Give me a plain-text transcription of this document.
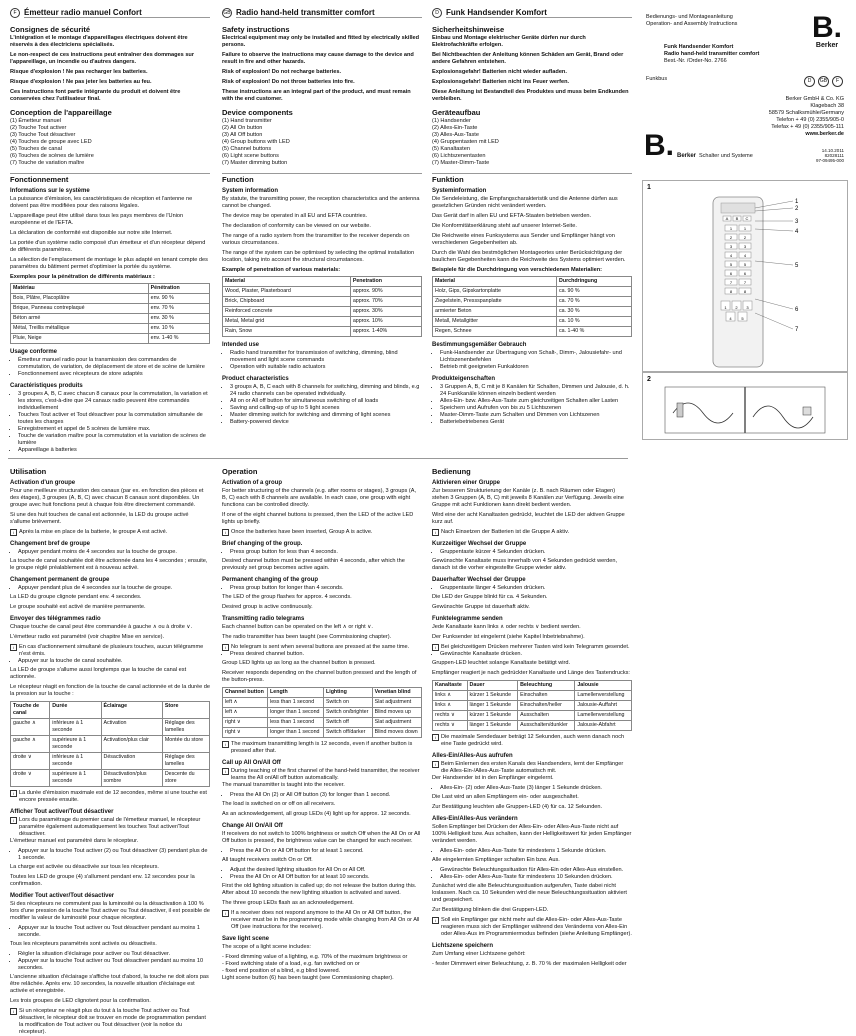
F Émetteur radio manuel Confort
Consignes de sécurité

L'intégration et le montage d'appareillages électriques doivent être réservés à des électriciens spécialisés.

Le non-respect de ces instructions peut entraîner des dommages sur l'appareillage, un incendie ou d'autres dangers.

Risque d'explosion ! Ne pas recharger les batteries.

Risque d'explosion ! Ne pas jeter les batteries au feu.

Ces instructions font partie intégrante du produit et doivent être conservées chez l'utilisateur final.

Conception de l'appareillage
(1) Émetteur manuel
(2) Touche Tout activer
(3) Touche Tout désactiver
(4) Touches de groupe avec LED
(5) Touches de canal
(6) Touches de scènes de lumière
(7) Touche de variation maître
Fonctionnement
Informations sur le système

La puissance d'émission, les caractéristiques de réception et l'antenne ne doivent pas être modifiées pour des raisons légales.

L'appareillage peut être utilisé dans tous les pays membres de l'Union européenne et de l'EFTA.

La déclaration de conformité est disponible sur notre site Internet.

La portée d'un système radio composé d'un émetteur et d'un récepteur dépend de différents paramètres.

La sélection de l'emplacement de montage le plus adapté en tenant compte des paramètres du bâtiment permet d'optimiser la portée du système.

Exemples pour la pénétration de différents matériaux :
Matériau	Pénétration
Bois, Plâtre, Placoplâtre	env. 90 %
Brique, Panneau contreplaqué	env. 70 %
Béton armé	env. 30 %
Métal, Treillis métallique	env. 10 %
Pluie, Neige	env. 1-40 %
Usage conforme
• Émetteur manuel radio pour la transmission des commandes de commutation, de variation, de déplacement de store et de scène de lumière
• Fonctionnement avec récepteurs de store adaptés
Caractéristiques produits
• 3 groupes A, B, C avec chacun 8 canaux pour la commutation, la variation et les stores, c'est-à-dire que 24 canaux radio peuvent être commandés individuellement
• Touches Tout activer et Tout désactiver pour la commutation simultanée de toutes les charges
• Enregistrement et appel de 5 scènes de lumière max.
• Touche de variation maître pour la commutation et la variation de scènes de lumière
• Appareillage à batteries
Utilisation
Activation d'un groupe

Pour une meilleure structuration des canaux (par ex. en fonction des pièces et des étages), 3 groupes (A, B, C) avec chacun 8 canaux sont disponibles. Un groupe avec huit fonctions peut à chaque fois être directement commandé.

Si une des huit touches de canal est actionnée, la LED du groupe activé s'allume brièvement.

i Après la mise en place de la batterie, le groupe A est activé.
Changement bref de groupe
• Appuyer pendant moins de 4 secondes sur la touche de groupe.

La touche de canal souhaitée doit être actionnée dans les 4 secondes ; ensuite, le groupe réglé préalablement est à nouveau activé.

Changement permanent de groupe
• Appuyer pendant plus de 4 secondes sur la touche de groupe.

La LED du groupe clignote pendant env. 4 secondes.

Le groupe souhaité est activé de manière permanente.

Envoyer des télégrammes radio

Chaque touche de canal peut être commandée à gauche ∧ ou à droite ∨.

L'émetteur radio est paramétré (voir chapitre Mise en service).

i En cas d'actionnement simultané de plusieurs touches, aucun télégramme n'est émis.
• Appuyer sur la touche de canal souhaitée.

La LED de groupe s'allume aussi longtemps que la touche de canal est actionnée.

Le récepteur réagit en fonction de la touche de canal actionnée et de la durée de la pression sur la touche :

Touche de canal	Durée	Éclairage	Store
gauche ∧	inférieure à 1 seconde	Activation	Réglage des lamelles
gauche ∧	supérieure à 1 seconde	Activation/plus clair	Montée du store
droite ∨	inférieure à 1 seconde	Désactivation	Réglage des lamelles
droite ∨	supérieure à 1 seconde	Désactivation/plus sombre	Descente du store
i La durée d'émission maximale est de 12 secondes, même si une touche est encore pressée ensuite.
Afficher Tout activer/Tout désactiver
i Lors du paramétrage du premier canal de l'émetteur manuel, le récepteur paramètre également automatiquement les touches Tout activer/Tout désactiver.

L'émetteur manuel est paramétré dans le récepteur.

• Appuyer sur la touche Tout activer (2) ou Tout désactiver (3) pendant plus de 1 seconde.

La charge est activée ou désactivée sur tous les récepteurs.

Toutes les LED de groupe (4) s'allument pendant env. 12 secondes pour la confirmation.

Modifier Tout activer/Tout désactiver

Si des récepteurs ne commutent pas la luminosité ou la désactivation à 100 % lors d'une pression de la touche Tout activer ou Tout désactiver, il est possible de modifier la valeur de luminosité pour chaque récepteur.

• Appuyer sur la touche Tout activer ou Tout désactiver pendant au moins 1 seconde.

Tous les récepteurs paramétrés sont activés ou désactivés.

• Régler la situation d'éclairage pour activer ou Tout désactiver.
• Appuyer sur la touche Tout activer ou Tout désactiver pendant au moins 10 secondes.

L'ancienne situation d'éclairage s'affiche tout d'abord, la touche ne doit alors pas être relâchée. Après env. 10 secondes, la nouvelle situation d'éclairage est activée et enregistrée.

Les trois groupes de LED clignotent pour la confirmation.

i Si un récepteur ne réagit plus du tout à la touche Tout activer ou Tout désactiver, le récepteur doit se trouver en mode de programmation pendant la modification de Tout activer ou Tout désactiver (voir la notice du récepteur).
GB Radio hand-held transmitter comfort
Safety instructions

Electrical equipment may only be installed and fitted by electrically skilled persons.

Failure to observe the instructions may cause damage to the device and result in fire and other hazards.

Risk of explosion! Do not recharge batteries.

Risk of explosion! Do not throw batteries into fire.

These instructions are an integral part of the product, and must remain with the end customer.

Device components
(1) Hand transmitter
(2) All On button
(3) All Off button
(4) Group buttons with LED
(5) Channel buttons
(6) Light scene buttons
(7) Master dimming button
Function
System information

By statute, the transmitting power, the reception characteristics and the antenna cannot be changed.

The device may be operated in all EU and EFTA countries.

The declaration of conformity can be viewed on our website.

The range of a radio system from the transmitter to the receiver depends on various circumstances.

The range of the system can be optimised by selecting the optimal installation location, taking into account the structural circumstances.

Example of penetration of various materials:
Material	Penetration
Wood, Plaster, Plasterboard	approx. 90%
Brick, Chipboard	approx. 70%
Reinforced concrete	approx. 30%
Metal, Metal grid	approx. 10%
Rain, Snow	approx. 1-40%
Intended use
• Radio hand transmitter for transmission of switching, dimming, blind movement and light scene commands
• Operation with suitable radio actuators
Product characteristics
• 3 groups A, B, C each with 8 channels for switching, dimming and blinds, e.g 24 radio channels can be operated individually.
• All on or All off button for simultaneous switching of all loads
• Saving and calling-up of up to 5 light scenes
• Master dimming switch for switching and dimming of light scenes
• Battery-powered device
Operation
Activation of a group

For better structuring of the channels (e.g. after rooms or stages), 3 groups (A, B, C) each with 8 channels are available. In each case, one group with eight functions can be controlled directly.

If one of the eight channel buttons is pressed, then the LED of the active LED lights up briefly.

i Once the batteries have been inserted, Group A is active.
Brief changing of the group.
• Press group button for less than 4 seconds.

Desired channel button must be pressed within 4 seconds, after which the previously set group becomes active again.

Permanent changing of the group
• Press group button for longer than 4 seconds.

The LED of the group flashes for approx. 4 seconds.

Desired group is active continuously.

Transmitting radio telegrams

Each channel button can be operated on the left ∧ or right ∨.

The radio transmitter has been taught (see Commissioning chapter).

i No telegram is sent when several buttons are pressed at the same time.
• Press desired channel button.

Group LED lights up as long as the channel button is pressed.

Receiver responds depending on the channel button pressed and the length of the button-press.

Channel button	Length	Lighting	Venetian blind
left ∧	less than 1 second	Switch on	Slat adjustment
left ∧	longer than 1 second	Switch on/brighter	Blind moves up
right ∨	less than 1 second	Switch off	Slat adjustment
right ∨	longer than 1 second	Switch off/darker	Blind moves down
i The maximum transmitting length is 12 seconds, even if another button is pressed after that.
Call up All On/All Off
i During teaching of the first channel of the hand-held transmitter, the receiver learns the All on/All off button automatically.

The manual transmitter is taught into the receiver.

• Press the All On (2) or All Off button (3) for longer than 1 second.

The load is switched on or off on all receivers.

As an acknowledgement, all group LEDs (4) light up for approx. 12 seconds.

Change All On/All Off

If receivers do not switch to 100% brightness or switch Off when the All On or All Off button is pressed, the brightness value can be changed for each receiver.

• Press the All On or All Off button for at least 1 second.

All taught receivers switch On or Off.

• Adjust the desired lighting situation for All On or All Off.
• Press the All On or All Off button for at least 10 seconds.

First the old lighting situation is called up; do not release the button during this. After about 10 seconds the new lighting situation is activated and saved.

The three group LEDs flash as an acknowledgement.

i If a receiver does not respond anymore to the All On or All Off button, the receiver must be in the programming mode while changing from All On or All Off (see instructions for the receiver).
Save light scene

The scope of a light scene includes:

- Fixed dimming value of a lighting, e.g. 70% of the maximum brightness or
- Fixed switching state of a load, e.g. fan switched on or
- fixed end position of a blind, e.g blind lowered.
Light scene button (6) has been taught (see Commissioning chapter).
D Funk Handsender Komfort
Sicherheitshinweise

Einbau und Montage elektrischer Geräte dürfen nur durch Elektrofachkräfte erfolgen.

Bei Nichtbeachten der Anleitung können Schäden am Gerät, Brand oder andere Gefahren entstehen.

Explosionsgefahr! Batterien nicht wieder aufladen.

Explosionsgefahr! Batterien nicht ins Feuer werfen.

Diese Anleitung ist Bestandteil des Produktes und muss beim Endkunden verbleiben.

Geräteaufbau
(1) Handsender
(2) Alles-Ein-Taste
(3) Alles-Aus-Taste
(4) Gruppentasten mit LED
(5) Kanaltasten
(6) Lichtszenentasten
(7) Master-Dimm-Taste
Funktion
Systeminformation

Die Sendeleistung, die Empfangscharakteristik und die Antenne dürfen aus gesetzlichen Gründen nicht verändert werden.

Das Gerät darf in allen EU und EFTA-Staaten betrieben werden.

Die Konformitätserklärung steht auf unserer Internet-Seite.

Die Reichweite eines Funksystems aus Sender und Empfänger hängt von verschiedenen Gegebenheiten ab.

Durch die Wahl des bestmöglichen Montageortes unter Berücksichtigung der baulichen Gegebenheiten kann die Reichweite des Systems optimiert werden.

Beispiele für die Durchdringung von verschiedenen Materialien:
Material	Durchdringung
Holz, Gips, Gipskartonplatte	ca. 90 %
Ziegelstein, Pressspanplatte	ca. 70 %
armierter Beton	ca. 30 %
Metall, Metallgitter	ca. 10 %
Regen, Schnee	ca. 1-40 %
Bestimmungsgemäßer Gebrauch
• Funk-Handsender zur Übertragung von Schalt-, Dimm-, Jalousiefahr- und Lichtszenenbefehlen
• Betrieb mit geeigneten Funkaktoren
Produkteigenschaften
• 3 Gruppen A, B, C mit je 8 Kanälen für Schalten, Dimmen und Jalousie, d. h. 24 Funkkanäle können einzeln bedient werden
• Alles-Ein- bzw. Alles-Aus-Taste zum gleichzeitigen Schalten aller Lasten
• Speichern und Aufrufen von bis zu 5 Lichtszenen
• Master-Dimm-Taste zum Schalten und Dimmen von Lichtszenen
• Batteriebetriebenes Gerät
Bedienung
Aktivieren einer Gruppe

Zur besseren Strukturierung der Kanäle (z. B. nach Räumen oder Etagen) stehen 3 Gruppen (A, B, C) mit jeweils 8 Kanälen zur Verfügung. Jeweils eine Gruppe mit acht Funktionen kann direkt bedient werden.

Wird eine der acht Kanaltasten gedrückt, leuchtet die LED der aktiven Gruppe kurz auf.

i Nach Einsetzen der Batterien ist die Gruppe A aktiv.
Kurzzeitiger Wechsel der Gruppe
• Gruppentaste kürzer 4 Sekunden drücken.

Gewünschte Kanaltaste muss innerhalb von 4 Sekunden gedrückt werden, danach ist die vorher eingestellte Gruppe wieder aktiv.

Dauerhafter Wechsel der Gruppe
• Gruppentaste länger 4 Sekunden drücken.

Die LED der Gruppe blinkt für ca. 4 Sekunden.

Gewünschte Gruppe ist dauerhaft aktiv.

Funktelegramme senden

Jede Kanaltaste kann links ∧ oder rechts ∨ bedient werden.

Der Funksender ist eingelernt (siehe Kapitel Inbetriebnahme).

i Bei gleichzeitigem Drücken mehrerer Tasten wird kein Telegramm gesendet.
• Gewünschte Kanaltaste drücken.

Gruppen-LED leuchtet solange Kanaltaste betätigt wird.

Empfänger reagiert je nach gedrückter Kanaltaste und Länge des Tastendrucks:

Kanaltaste	Dauer	Beleuchtung	Jalousie
links ∧	kürzer 1 Sekunde	Einschalten	Lamellenverstellung
links ∧	länger 1 Sekunde	Einschalten/heller	Jalousie-Auffahrt
rechts ∨	kürzer 1 Sekunde	Ausschalten	Lamellenverstellung
rechts ∨	länger 1 Sekunde	Ausschalten/dunkler	Jalousie-Abfahrt
i Die maximale Sendedauer beträgt 12 Sekunden, auch wenn danach noch eine Taste gedrückt wird.
Alles-Ein/Alles-Aus aufrufen
i Beim Einlernen des ersten Kanals des Handsenders, lernt der Empfänger die Alles-Ein-/Alles-Aus-Taste automatisch mit.

Der Handsender ist in den Empfänger eingelernt.

• Alles-Ein- (2) oder Alles-Aus-Taste (3) länger 1 Sekunde drücken.

Die Last wird an allen Empfängern ein- oder ausgeschaltet.

Zur Bestätigung leuchten alle Gruppen-LED (4) für ca. 12 Sekunden.

Alles-Ein/Alles-Aus verändern

Sollen Empfänger bei Drücken der Alles-Ein- oder Alles-Aus-Taste nicht auf 100% Helligkeit bzw. Aus schalten, kann der Helligkeitswert für jeden Empfänger verändert werden.

• Alles-Ein- oder Alles-Aus-Taste für mindestens 1 Sekunde drücken.

Alle eingelernten Empfänger schalten Ein bzw. Aus.

• Gewünschte Beleuchtungssituation für Alles-Ein oder Alles-Aus einstellen.
• Alles-Ein- oder Alles-Aus-Taste für mindestens 10 Sekunden drücken.

Zunächst wird die alte Beleuchtungssituation aufgerufen, Taste dabei nicht loslassen. Nach ca. 10 Sekunden wird die neue Beleuchtungssituation aktiviert und gespeichert.

Zur Bestätigung blinken die drei Gruppen-LED.

i Soll ein Empfänger gar nicht mehr auf die Alles-Ein- oder Alles-Aus-Taste reagieren muss sich der Empfänger während des Veränderns von Alles-Ein oder Alles-Aus im Programmiermodus befinden (siehe Anleitung Empfänger).
Lichtszene speichern

Zum Umfang einer Lichtszene gehört:

- fester Dimmwert einer Beleuchtung, z. B. 70 % der maximalen Helligkeit oder
Bedienungs- und Montageanleitung
Operation- and Assembly Instructions	B.
Berker
Funk Handsender Komfort
Radio hand-held transmitter comfort
Best.-Nr. /Order-No. 2766
Funkbus	D	GB	F
Berker GmbH & Co. KG
Klagebach 38
58579 Schalksmühle/Germany
Telefon + 49 (0) 2355/905-0
Telefax + 49 (0) 2355/905-111
www.berker.de
B. Berker Schalter und Systeme
14.10.2011
82028111
97-09495-000
1
A B C
1	1
2	2
3	3
4	4
5	5
6	6
7	7
8	8
1 2 3
4 5
1
2
3
4
5
6
7
2
